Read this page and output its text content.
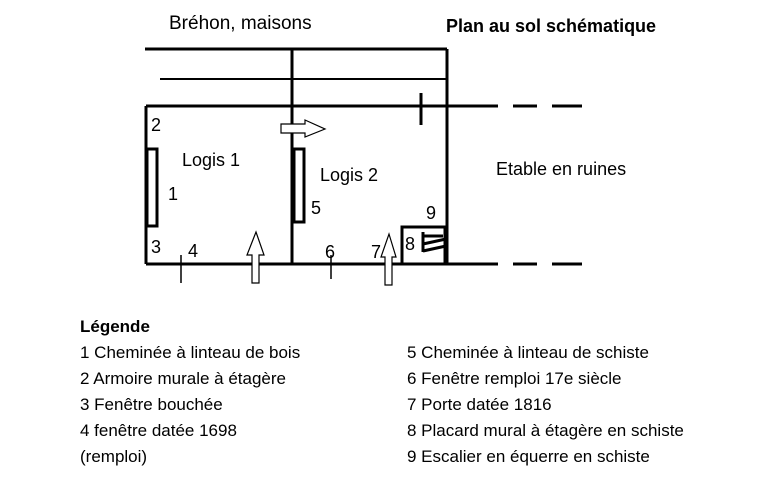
Logis 1
Logis 2	Etable en ruines
1
2
3 4
5
6 7 8
9
Bréhon, maisons	Plan au sol schématique
Légende
1 Cheminée à linteau de bois
2 Armoire murale à étagère
3 Fenêtre bouchée
4 fenêtre datée 1698
(remploi)
5 Cheminée à linteau de schiste
6 Fenêtre remploi 17e siècle
7 Porte datée 1816
8 Placard mural à étagère en schiste
9 Escalier en équerre en schiste
